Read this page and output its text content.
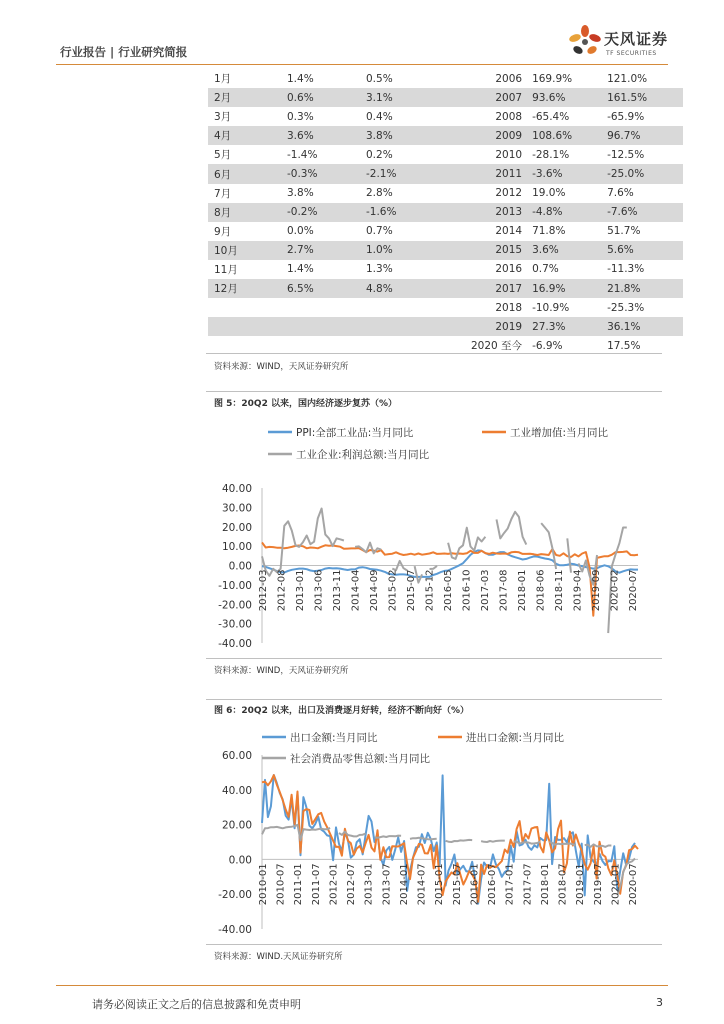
行业报告 | 行业研究简报
天风证券
TF SECURITIES
1月	1.4%	0.5%	2006	169.9%	121.0%
2月	0.6%	3.1%	2007	93.6%	161.5%
3月	0.3%	0.4%	2008	-65.4%	-65.9%
4月	3.6%	3.8%	2009	108.6%	96.7%
5月	-1.4%	0.2%	2010	-28.1%	-12.5%
6月	-0.3%	-2.1%	2011	-3.6%	-25.0%
7月	3.8%	2.8%	2012	19.0%	7.6%
8月	-0.2%	-1.6%	2013	-4.8%	-7.6%
9月	0.0%	0.7%	2014	71.8%	51.7%
10月	2.7%	1.0%	2015	3.6%	5.6%
11月	1.4%	1.3%	2016	0.7%	-11.3%
12月	6.5%	4.8%	2017	16.9%	21.8%
			2018	-10.9%	-25.3%
			2019	27.3%	36.1%
			2020 至今	-6.9%	17.5%
资料来源：WIND，天风证券研究所
图 5：20Q2 以来，国内经济逐步复苏（%）
40.00
30.00
20.00
10.00
0.00
-10.00
-20.00
-30.00
-40.00
2012-03 2012-08 2013-01 2013-06 2013-11 2014-04 2014-09 2015-02 2015-07 2015-12 2016-05 2016-10 2017-03 2017-08 2018-01 2018-06 2018-11 2019-04 2019-09 2020-02 2020-07
PPI:全部工业品:当月同比	工业增加值:当月同比
工业企业:利润总额:当月同比
资料来源：WIND，天风证券研究所
图 6：20Q2 以来，出口及消费逐月好转，经济不断向好（%）
60.00
40.00
20.00
0.00
-20.00
-40.00
2010-01 2010-07 2011-01 2011-07 2012-01 2012-07 2013-01 2013-07 2014-01 2014-07 2015-01 2015-07 2016-01 2016-07 2017-01 2017-07 2018-01 2018-07 2019-01 2019-07 2020-01 2020-07
出口金额:当月同比	进出口金额:当月同比
社会消费品零售总额:当月同比
资料来源：WIND.天风证券研究所
请务必阅读正文之后的信息披露和免责申明	3
